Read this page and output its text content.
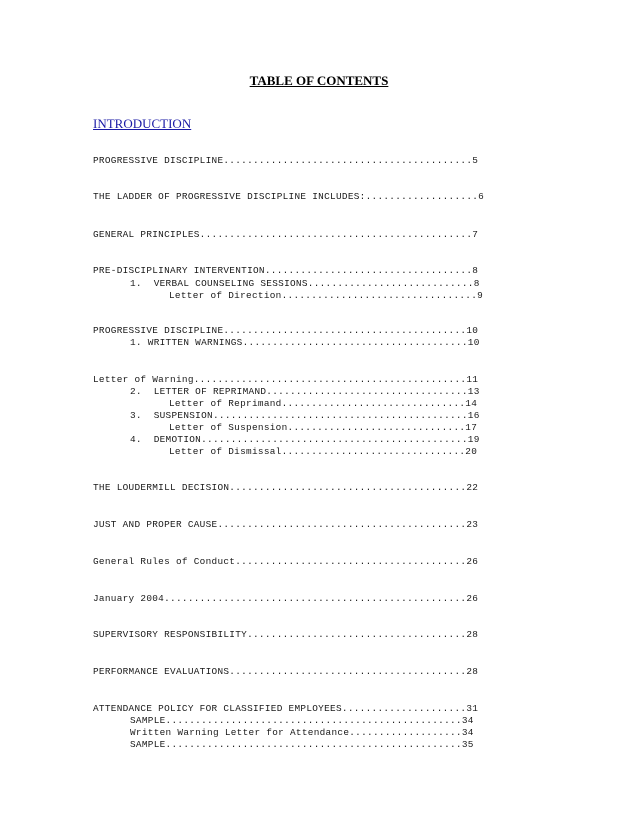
TABLE OF CONTENTS
INTRODUCTION
PROGRESSIVE DISCIPLINE..........................................5
THE LADDER OF PROGRESSIVE DISCIPLINE INCLUDES:...................6
GENERAL PRINCIPLES..............................................7
PRE-DISCIPLINARY INTERVENTION...................................8
1.  VERBAL COUNSELING SESSIONS............................8
Letter of Direction.................................9
PROGRESSIVE DISCIPLINE.........................................10
1. WRITTEN WARNINGS......................................10
Letter of Warning..............................................11
2.  LETTER OF REPRIMAND..................................13
Letter of Reprimand...............................14
3.  SUSPENSION...........................................16
Letter of Suspension..............................17
4.  DEMOTION.............................................19
Letter of Dismissal...............................20
THE LOUDERMILL DECISION........................................22
JUST AND PROPER CAUSE..........................................23
General Rules of Conduct.......................................26
January 2004...................................................26
SUPERVISORY RESPONSIBILITY.....................................28
PERFORMANCE EVALUATIONS........................................28
ATTENDANCE POLICY FOR CLASSIFIED EMPLOYEES.....................31
SAMPLE..................................................34
Written Warning Letter for Attendance...................34
SAMPLE..................................................35
